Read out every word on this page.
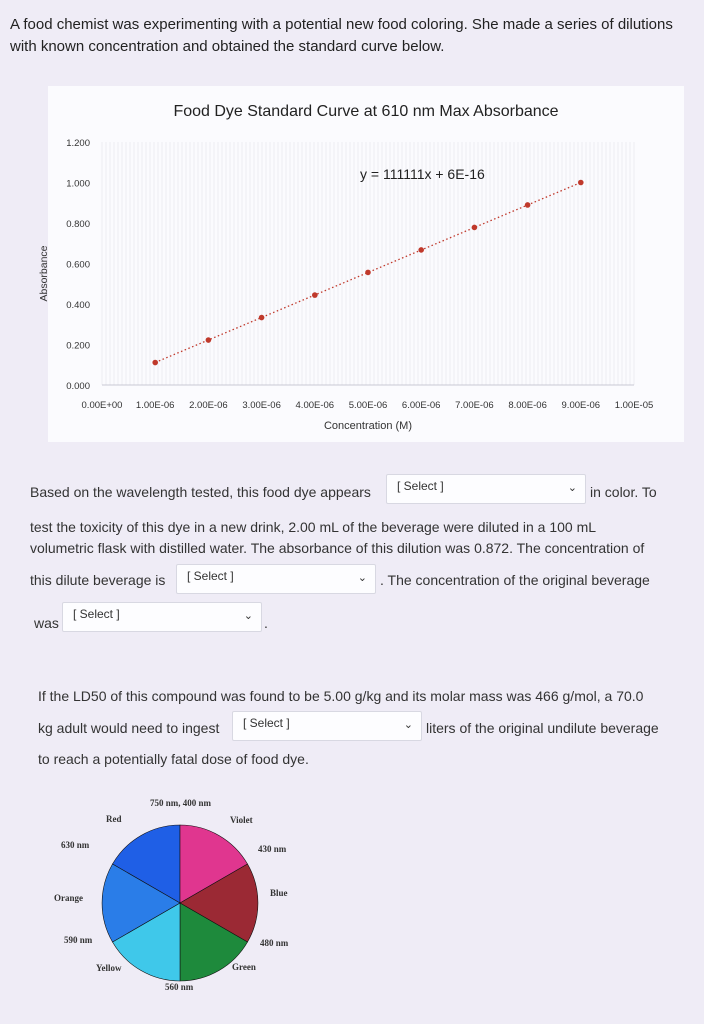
A food chemist was experimenting with a potential new food coloring. She made a series of dilutions with known concentration and obtained the standard curve below.
Food Dye Standard Curve at 610 nm Max Absorbance
0.000
0.200
0.400
0.600
0.800
1.000
1.200
0.00E+00 1.00E-06 2.00E-06 3.00E-06 4.00E-06 5.00E-06 6.00E-06 7.00E-06 8.00E-06 9.00E-06 1.00E-05
Concentration (M)
Absorbance
y = 111111x + 6E-16
Based on the wavelength tested, this food dye appears [ Select ]	⌄ in color. To
test the toxicity of this dye in a new drink, 2.00 mL of the beverage were diluted in a 100 mL
volumetric flask with distilled water. The absorbance of this dilution was 0.872. The concentration of
this dilute beverage is [ Select ]	⌄ . The concentration of the original beverage
was
[ Select ]	⌄ .
If the LD50 of this compound was found to be 5.00 g/kg and its molar mass was 466 g/mol, a 70.0
kg adult would need to ingest [ Select ]	⌄ liters of the original undilute beverage
to reach a potentially fatal dose of food dye.
750 nm, 400 nm
Red	Violet
630 nm	430 nm
Orange	Blue
590 nm	480 nm
Yellow	Green
560 nm
